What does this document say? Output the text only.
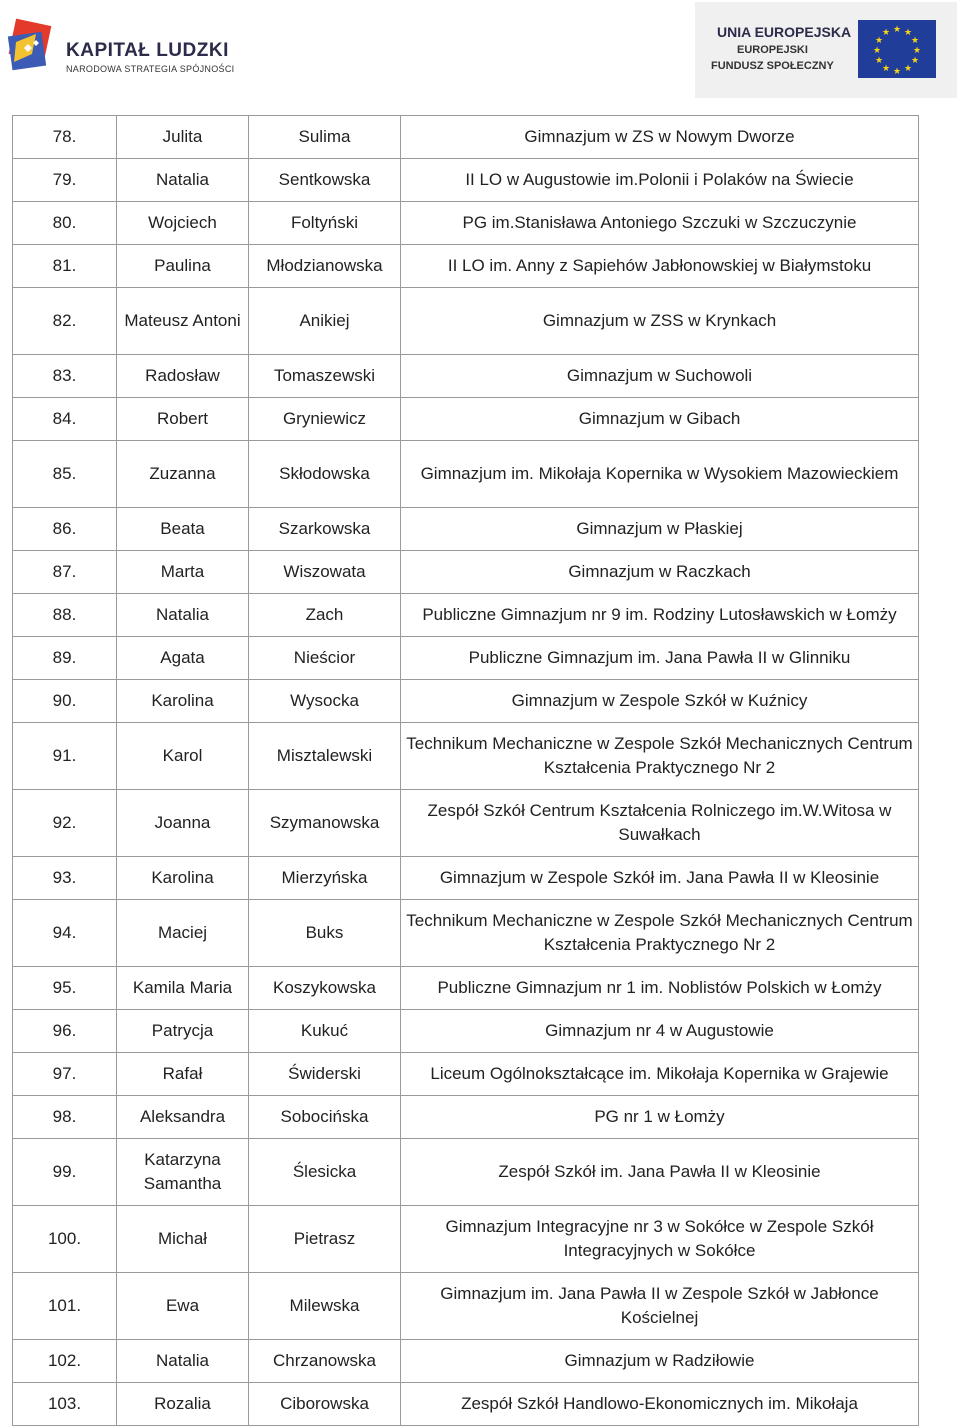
KAPITAŁ LUDZKI
NARODOWA STRATEGIA SPÓJNOŚCI
UNIA EUROPEJSKA
EUROPEJSKI
FUNDUSZ SPOŁECZNY
★ ★
★
★
★
★
★
★
★
★
★
★
78.	Julita	Sulima	Gimnazjum w ZS w Nowym Dworze
79.	Natalia	Sentkowska	II LO w Augustowie im.Polonii i Polaków na Świecie
80.	Wojciech	Foltyński	PG im.Stanisława Antoniego Szczuki w Szczuczynie
81.	Paulina	Młodzianowska	II LO im. Anny z Sapiehów Jabłonowskiej w Białymstoku
82.	Mateusz Antoni	Anikiej	Gimnazjum w ZSS w Krynkach
83.	Radosław	Tomaszewski	Gimnazjum w Suchowoli
84.	Robert	Gryniewicz	Gimnazjum w Gibach
85.	Zuzanna	Skłodowska	Gimnazjum im. Mikołaja Kopernika w Wysokiem Mazowieckiem
86.	Beata	Szarkowska	Gimnazjum w Płaskiej
87.	Marta	Wiszowata	Gimnazjum w Raczkach
88.	Natalia	Zach	Publiczne Gimnazjum nr 9 im. Rodziny Lutosławskich w Łomży
89.	Agata	Nieścior	Publiczne Gimnazjum im. Jana Pawła II w Glinniku
90.	Karolina	Wysocka	Gimnazjum w Zespole Szkół w Kuźnicy
91.	Karol	Misztalewski	Technikum Mechaniczne w Zespole Szkół Mechanicznych Centrum Kształcenia Praktycznego Nr 2
92.	Joanna	Szymanowska	Zespół Szkół Centrum Kształcenia Rolniczego im.W.Witosa w Suwałkach
93.	Karolina	Mierzyńska	Gimnazjum w Zespole Szkół im. Jana Pawła II w Kleosinie
94.	Maciej	Buks	Technikum Mechaniczne w Zespole Szkół Mechanicznych Centrum Kształcenia Praktycznego Nr 2
95.	Kamila Maria	Koszykowska	Publiczne Gimnazjum nr 1 im. Noblistów Polskich w Łomży
96.	Patrycja	Kukuć	Gimnazjum nr 4 w Augustowie
97.	Rafał	Świderski	Liceum Ogólnokształcące im. Mikołaja Kopernika w Grajewie
98.	Aleksandra	Sobocińska	PG nr 1 w Łomży
99.	Katarzyna Samantha	Ślesicka	Zespół Szkół im. Jana Pawła II w Kleosinie
100.	Michał	Pietrasz	Gimnazjum Integracyjne nr 3 w Sokółce w Zespole Szkół Integracyjnych w Sokółce
101.	Ewa	Milewska	Gimnazjum im. Jana Pawła II w Zespole Szkół w Jabłonce Kościelnej
102.	Natalia	Chrzanowska	Gimnazjum w Radziłowie
103.	Rozalia	Ciborowska	Zespół Szkół Handlowo-Ekonomicznych im. Mikołaja
